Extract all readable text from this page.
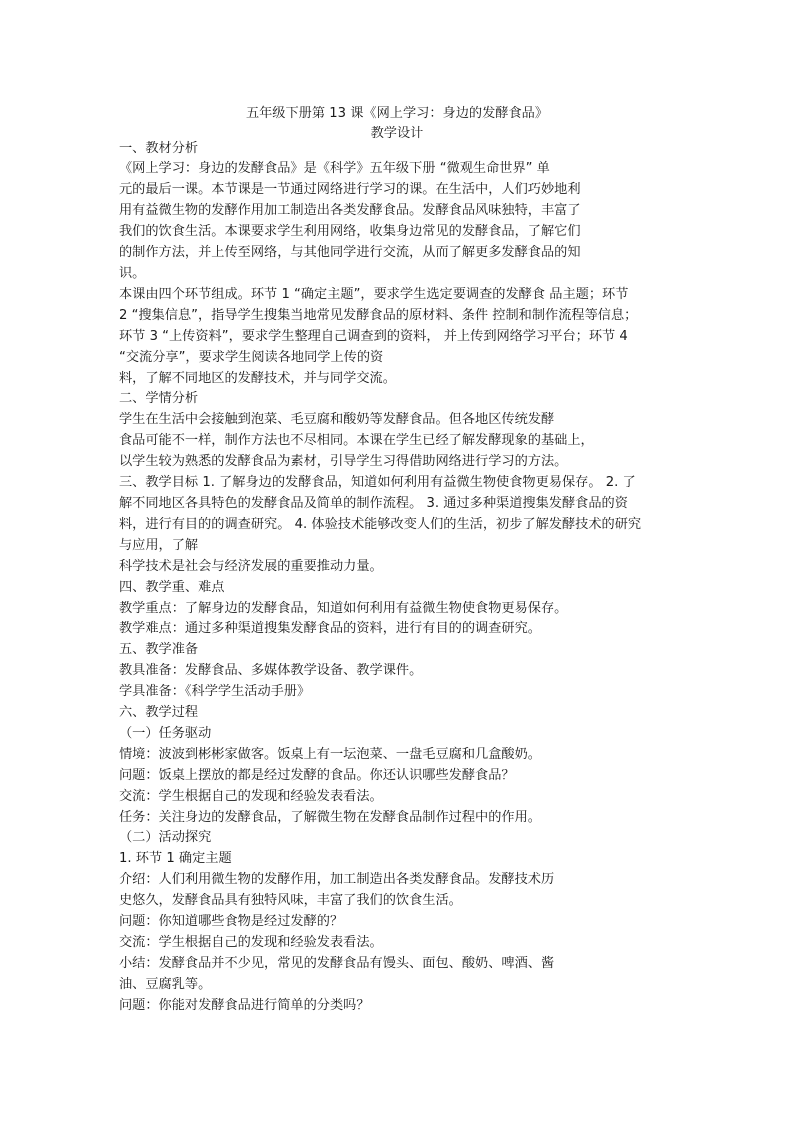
五年级下册第 13 课《网上学习：身边的发酵食品》
教学设计
一、教材分析
《网上学习：身边的发酵食品》是《科学》五年级下册 “微观生命世界” 单
元的最后一课。本节课是一节通过网络进行学习的课。在生活中，人们巧妙地利
用有益微生物的发酵作用加工制造出各类发酵食品。发酵食品风味独特，丰富了
我们的饮食生活。本课要求学生利用网络，收集身边常见的发酵食品，了解它们
的制作方法，并上传至网络，与其他同学进行交流，从而了解更多发酵食品的知
识。
本课由四个环节组成。环节 1 “确定主题”，要求学生选定要调查的发酵食 品主题；环节
2 “搜集信息”，指导学生搜集当地常见发酵食品的原材料、条件 控制和制作流程等信息；
环节 3 “上传资料”，要求学生整理自己调查到的资料， 并上传到网络学习平台；环节 4
“交流分享”，要求学生阅读各地同学上传的资
料，了解不同地区的发酵技术，并与同学交流。
二、学情分析
学生在生活中会接触到泡菜、毛豆腐和酸奶等发酵食品。但各地区传统发酵
食品可能不一样，制作方法也不尽相同。本课在学生已经了解发酵现象的基础上，
以学生较为熟悉的发酵食品为素材，引导学生习得借助网络进行学习的方法。
三、教学目标 1. 了解身边的发酵食品，知道如何利用有益微生物使食物更易保存。 2. 了
解不同地区各具特色的发酵食品及简单的制作流程。 3. 通过多种渠道搜集发酵食品的资
料，进行有目的的调查研究。 4. 体验技术能够改变人们的生活，初步了解发酵技术的研究
与应用，了解
科学技术是社会与经济发展的重要推动力量。
四、教学重、难点
教学重点：了解身边的发酵食品，知道如何利用有益微生物使食物更易保存。
教学难点：通过多种渠道搜集发酵食品的资料，进行有目的的调查研究。
五、教学准备
教具准备：发酵食品、多媒体教学设备、教学课件。
学具准备：《科学学生活动手册》
六、教学过程
（一）任务驱动
情境：波波到彬彬家做客。饭桌上有一坛泡菜、一盘毛豆腐和几盒酸奶。
问题：饭桌上摆放的都是经过发酵的食品。你还认识哪些发酵食品？
交流：学生根据自己的发现和经验发表看法。
任务：关注身边的发酵食品，了解微生物在发酵食品制作过程中的作用。
（二）活动探究
1. 环节 1 确定主题
介绍：人们利用微生物的发酵作用，加工制造出各类发酵食品。发酵技术历
史悠久，发酵食品具有独特风味，丰富了我们的饮食生活。
问题：你知道哪些食物是经过发酵的？
交流：学生根据自己的发现和经验发表看法。
小结：发酵食品并不少见，常见的发酵食品有馒头、面包、酸奶、啤酒、酱
油、豆腐乳等。
问题：你能对发酵食品进行简单的分类吗？
